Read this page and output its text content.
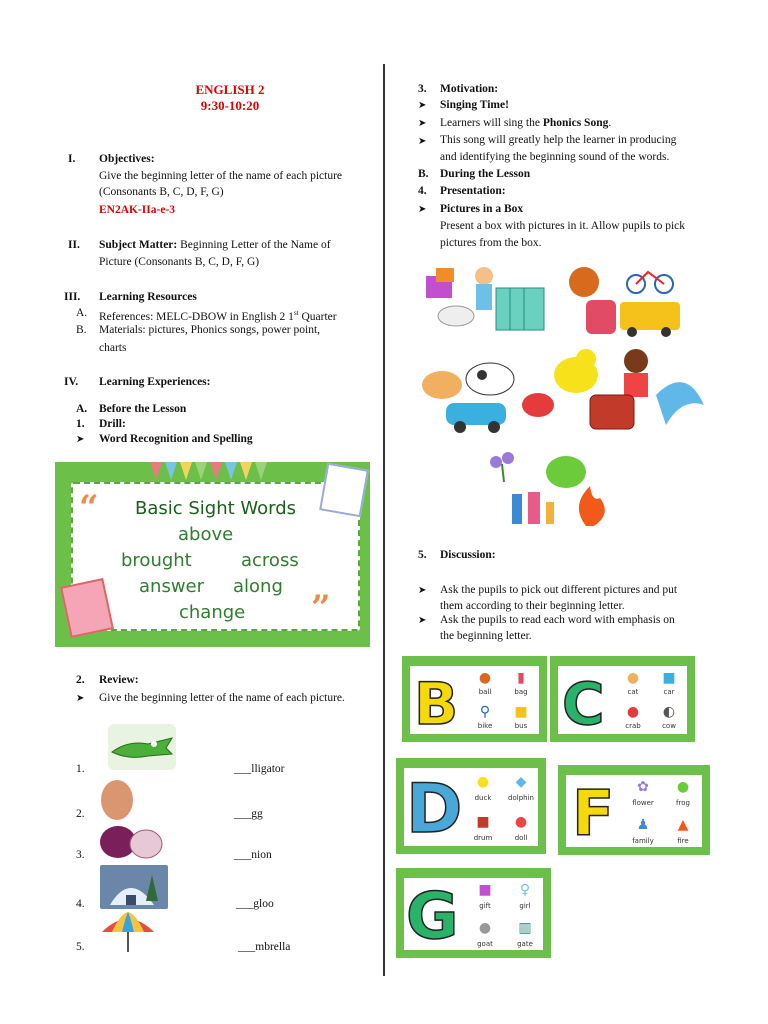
ENGLISH 2
9:30-10:20
I. Objectives:
Give the beginning letter of the name of each picture
(Consonants B, C, D, F, G)
EN2AK-IIa-e-3
II. Subject Matter: Beginning Letter of the Name of
Picture (Consonants B, C, D, F, G)
III. Learning Resources
A. References: MELC-DBOW in English 2 1st Quarter
B. Materials: pictures, Phonics songs, power point,
charts
IV. Learning Experiences:
A. Before the Lesson
1. Drill:
➤ Word Recognition and Spelling
“	Basic Sight Words
above
brought	across
answer along
change ”
2. Review:
➤ Give the beginning letter of the name of each picture.
1.	___lligator
2.	___gg
3.	___nion
4.	___gloo
5.	___mbrella
3. Motivation:
➤ Singing Time!
➤ Learners will sing the Phonics Song.
➤ This song will greatly help the learner in producing
and identifying the beginning sound of the words.
B. During the Lesson
4. Presentation:
➤ Pictures in a Box
Present a box with pictures in it. Allow pupils to pick
pictures from the box.
5. Discussion:
➤ Ask the pupils to pick out different pictures and put
them according to their beginning letter.
➤ Ask the pupils to read each word with emphasis on
the beginning letter.
B	●
ball
▮
bag
⚲
bike
■
bus C	●
cat
■
car
●
crab
◐
cow
D	●
duck
◆
dolphin
■
drum
●
doll F	✿
flower
●
frog
♟
family
▲
fire
G	■
gift
♀
girl
●
goat
▥
gate
